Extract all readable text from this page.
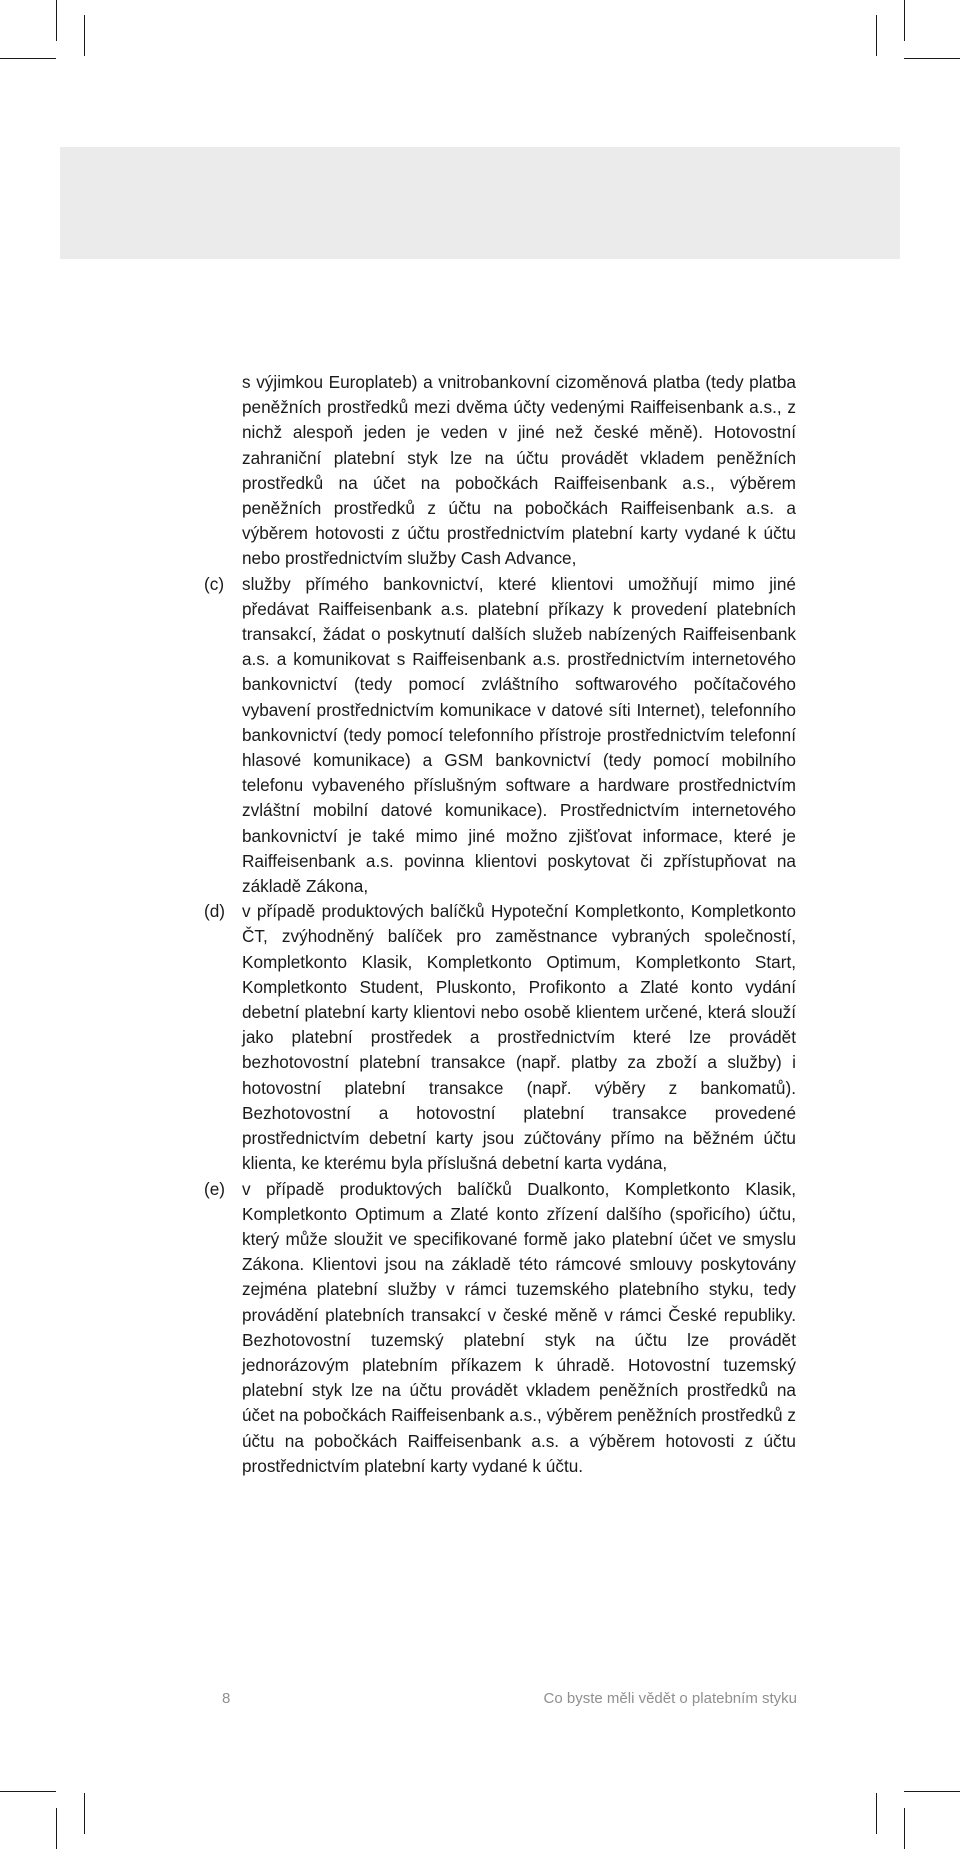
s výjimkou Europlateb) a vnitrobankovní cizoměnová platba (tedy platba peněžních prostředků mezi dvěma účty vedenými Raiffeisenbank a.s., z nichž alespoň jeden je veden v jiné než české měně). Hotovostní zahraniční platební styk lze na účtu provádět vkladem peněžních prostředků na účet na pobočkách Raiffeisenbank a.s., výběrem peněžních prostředků z účtu na pobočkách Raiffeisenbank a.s. a výběrem hotovosti z účtu prostřednictvím platební karty vydané k účtu nebo prostřednictvím služby Cash Advance,

(c) služby přímého bankovnictví, které klientovi umožňují mimo jiné předávat Raiffeisenbank a.s. platební příkazy k provedení platebních transakcí, žádat o poskytnutí dalších služeb nabízených Raiffeisenbank a.s. a komunikovat s Raiffeisenbank a.s. prostřednictvím internetového bankovnictví (tedy pomocí zvláštního softwarového počítačového vybavení prostřednictvím komunikace v datové síti Internet), telefonního bankovnictví (tedy pomocí telefonního přístroje prostřednictvím telefonní hlasové komunikace) a GSM bankovnictví (tedy pomocí mobilního telefonu vybaveného příslušným software a hardware prostřednictvím zvláštní mobilní datové komunikace). Prostřednictvím internetového bankovnictví je také mimo jiné možno zjišťovat informace, které je Raiffeisenbank a.s. povinna klientovi poskytovat či zpřístupňovat na základě Zákona,

(d) v případě produktových balíčků Hypoteční Kompletkonto, Kompletkonto ČT, zvýhodněný balíček pro zaměstnance vybraných společností, Kompletkonto Klasik, Kompletkonto Optimum, Kompletkonto Start, Kompletkonto Student, Pluskonto, Profikonto a Zlaté konto vydání debetní platební karty klientovi nebo osobě klientem určené, která slouží jako platební prostředek a prostřednictvím které lze provádět bezhotovostní platební transakce (např. platby za zboží a služby) i hotovostní platební transakce (např. výběry z bankomatů). Bezhotovostní a hotovostní platební transakce provedené prostřednictvím debetní karty jsou zúčtovány přímo na běžném účtu klienta, ke kterému byla příslušná debetní karta vydána,

(e) v případě produktových balíčků Dualkonto, Kompletkonto Klasik, Kompletkonto Optimum a Zlaté konto zřízení dalšího (spořicího) účtu, který může sloužit ve specifikované formě jako platební účet ve smyslu Zákona. Klientovi jsou na základě této rámcové smlouvy poskytovány zejména platební služby v rámci tuzemského platebního styku, tedy provádění platebních transakcí v české měně v rámci České republiky. Bezhotovostní tuzemský platební styk na účtu lze provádět jednorázovým platebním příkazem k úhradě. Hotovostní tuzemský platební styk lze na účtu provádět vkladem peněžních prostředků na účet na pobočkách Raiffeisenbank a.s., výběrem peněžních prostředků z účtu na pobočkách Raiffeisenbank a.s. a výběrem hotovosti z účtu prostřednictvím platební karty vydané k účtu.

8	Co byste měli vědět o platebním styku
